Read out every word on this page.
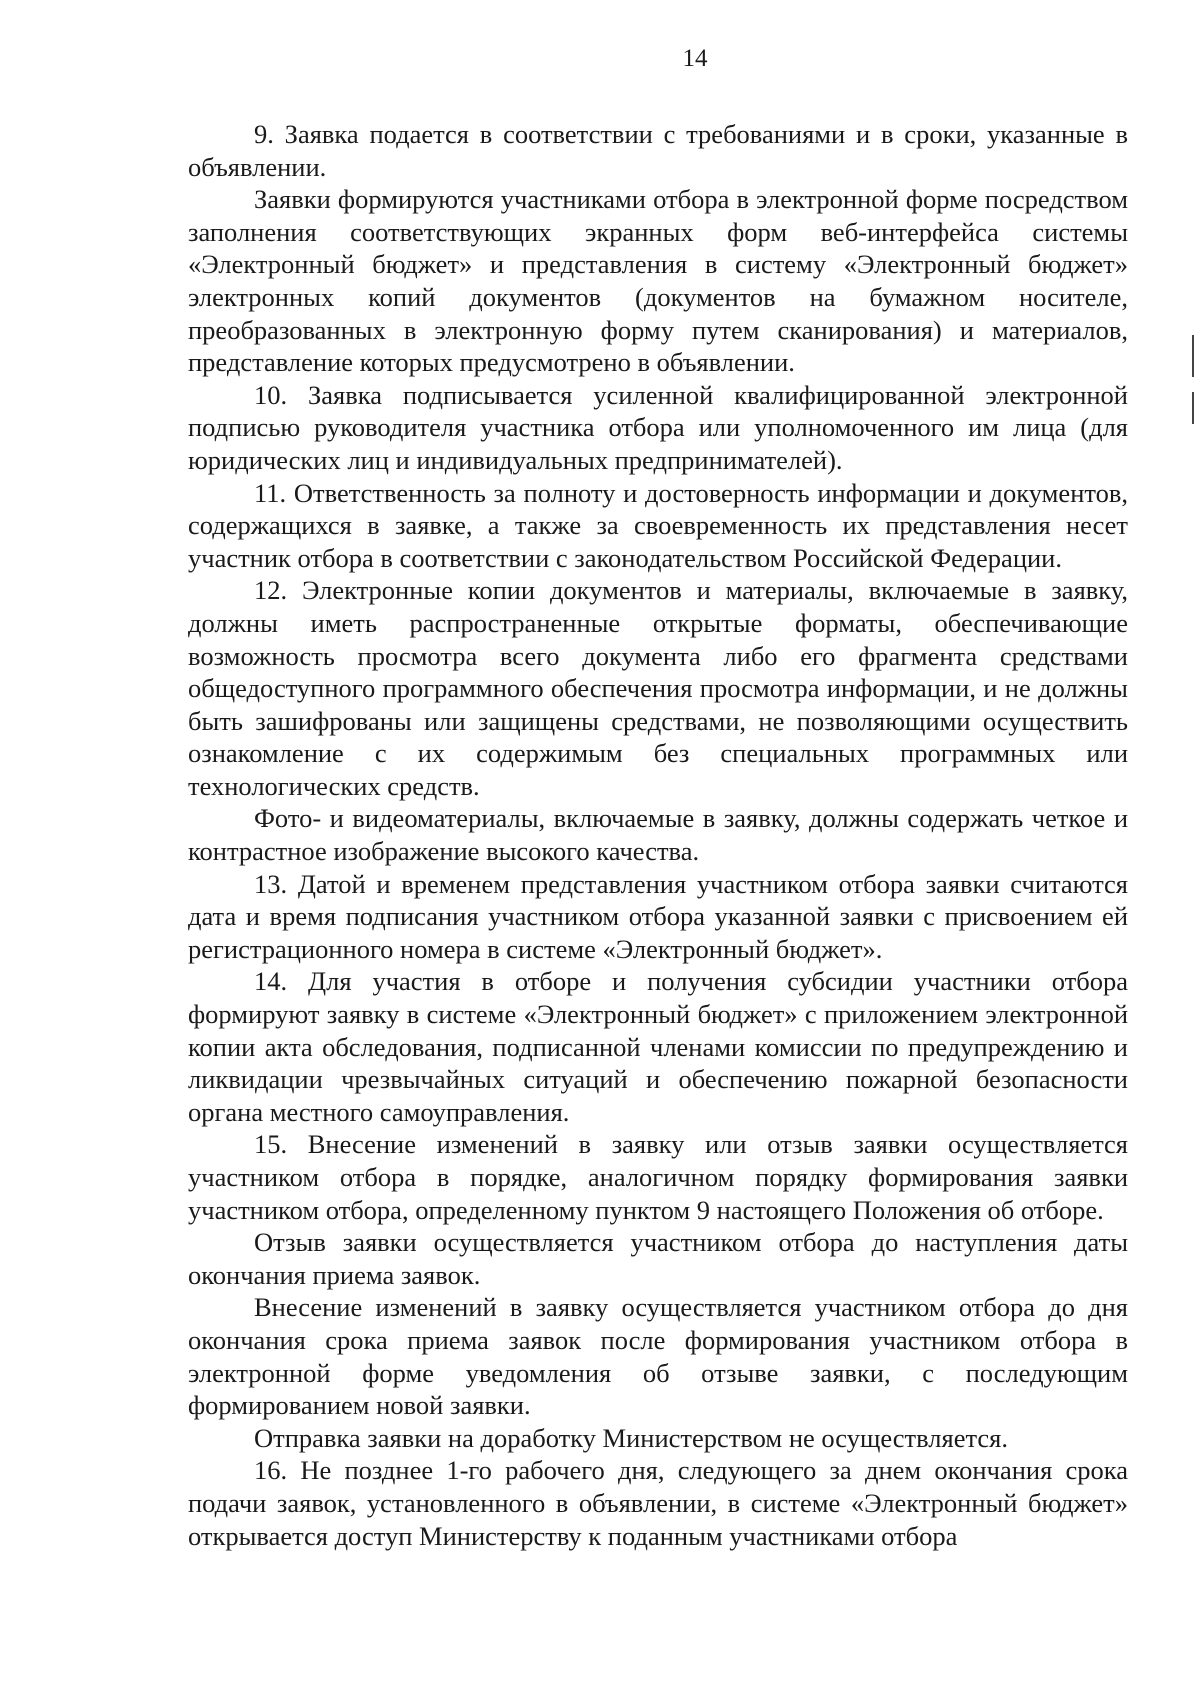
14

9. Заявка подается в соответствии с требованиями и в сроки, указанные в объявлении.

Заявки формируются участниками отбора в электронной форме посредством заполнения соответствующих экранных форм веб-интерфейса системы «Электронный бюджет» и представления в систему «Электронный бюджет» электронных копий документов (документов на бумажном носителе, преобразованных в электронную форму путем сканирования) и материалов, представление которых предусмотрено в объявлении.

10. Заявка подписывается усиленной квалифицированной электронной подписью руководителя участника отбора или уполномоченного им лица (для юридических лиц и индивидуальных предпринимателей).

11. Ответственность за полноту и достоверность информации и документов, содержащихся в заявке, а также за своевременность их представления несет участник отбора в соответствии с законодательством Российской Федерации.

12. Электронные копии документов и материалы, включаемые в заявку, должны иметь распространенные открытые форматы, обеспечивающие возможность просмотра всего документа либо его фрагмента средствами общедоступного программного обеспечения просмотра информации, и не должны быть зашифрованы или защищены средствами, не позволяющими осуществить ознакомление с их содержимым без специальных программных или технологических средств.

Фото- и видеоматериалы, включаемые в заявку, должны содержать четкое и контрастное изображение высокого качества.

13. Датой и временем представления участником отбора заявки считаются дата и время подписания участником отбора указанной заявки с присвоением ей регистрационного номера в системе «Электронный бюджет».

14. Для участия в отборе и получения субсидии участники отбора формируют заявку в системе «Электронный бюджет» с приложением электронной копии акта обследования, подписанной членами комиссии по предупреждению и ликвидации чрезвычайных ситуаций и обеспечению пожарной безопасности органа местного самоуправления.

15. Внесение изменений в заявку или отзыв заявки осуществляется участником отбора в порядке, аналогичном порядку формирования заявки участником отбора, определенному пунктом 9 настоящего Положения об отборе.

Отзыв заявки осуществляется участником отбора до наступления даты окончания приема заявок.

Внесение изменений в заявку осуществляется участником отбора до дня окончания срока приема заявок после формирования участником отбора в электронной форме уведомления об отзыве заявки, с последующим формированием новой заявки.

Отправка заявки на доработку Министерством не осуществляется.

16. Не позднее 1-го рабочего дня, следующего за днем окончания срока подачи заявок, установленного в объявлении, в системе «Электронный бюджет» открывается доступ Министерству к поданным участниками отбора
